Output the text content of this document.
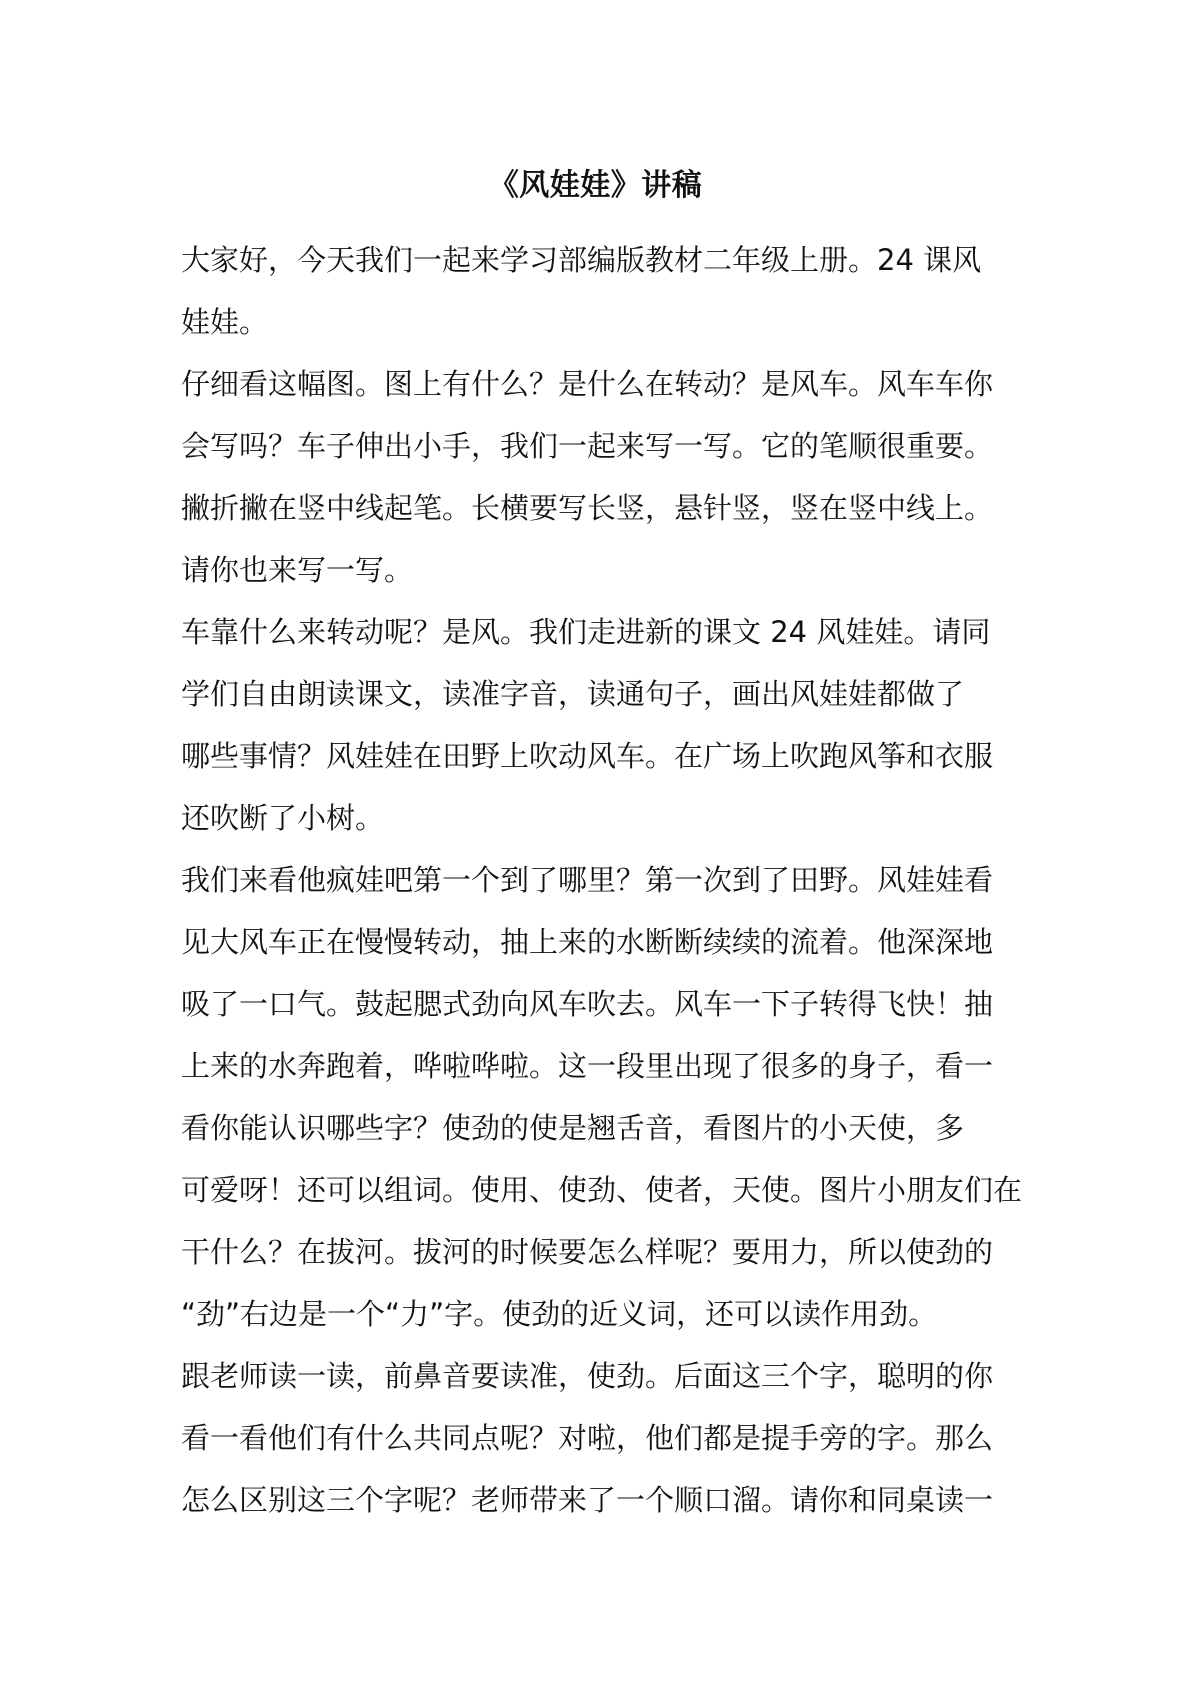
《风娃娃》讲稿
大家好，今天我们一起来学习部编版教材二年级上册。24 课风
娃娃。
仔细看这幅图。图上有什么？是什么在转动？是风车。风车车你
会写吗？车子伸出小手，我们一起来写一写。它的笔顺很重要。
撇折撇在竖中线起笔。长横要写长竖，悬针竖，竖在竖中线上。
请你也来写一写。
车靠什么来转动呢？是风。我们走进新的课文 24 风娃娃。请同
学们自由朗读课文，读准字音，读通句子，画出风娃娃都做了
哪些事情？风娃娃在田野上吹动风车。在广场上吹跑风筝和衣服
还吹断了小树。
我们来看他疯娃吧第一个到了哪里？第一次到了田野。风娃娃看
见大风车正在慢慢转动，抽上来的水断断续续的流着。他深深地
吸了一口气。鼓起腮式劲向风车吹去。风车一下子转得飞快！抽
上来的水奔跑着，哗啦哗啦。这一段里出现了很多的身子，看一
看你能认识哪些字？使劲的使是翘舌音，看图片的小天使，多
可爱呀！还可以组词。使用、使劲、使者，天使。图片小朋友们在
干什么？在拔河。拔河的时候要怎么样呢？要用力，所以使劲的
“劲”右边是一个“力”字。使劲的近义词，还可以读作用劲。
跟老师读一读，前鼻音要读准，使劲。后面这三个字，聪明的你
看一看他们有什么共同点呢？对啦，他们都是提手旁的字。那么
怎么区别这三个字呢？老师带来了一个顺口溜。请你和同桌读一
